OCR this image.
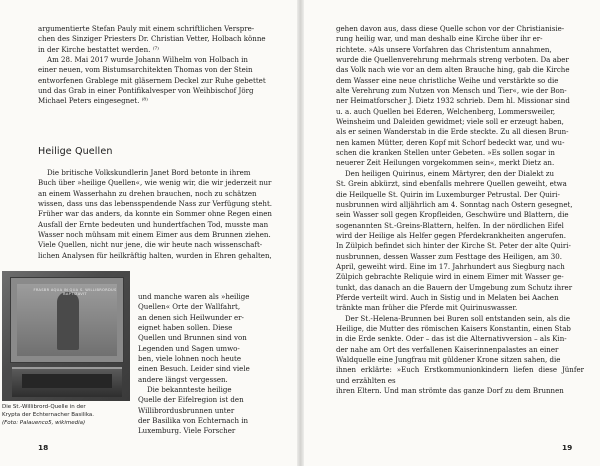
argumentierte Stefan Pauly mit einem schriftlichen Verspre-

chen des Sinziger Priesters Dr. Christian Vetter, Holbach könne

in der Kirche bestattet werden. ⁽⁷⁾

Am 28. Mai 2017 wurde Johann Wilhelm von Holbach in

einer neuen, vom Bistumsarchitekten Thomas von der Stein

entworfenen Grablege mit gläsernem Deckel zur Ruhe gebettet

und das Grab in einer Pontifikalvesper von Weihbischof Jörg

Michael Peters eingesegnet. ⁽⁸⁾

Heilige Quellen

Die britische Volkskundlerin Janet Bord betonte in ihrem

Buch über »heilige Quellen«, wie wenig wir, die wir jederzeit nur

an einem Wasserhahn zu drehen brauchen, noch zu schätzen

wissen, dass uns das lebensspendende Nass zur Verfügung steht.

Früher war das anders, da konnte ein Sommer ohne Regen einen

Ausfall der Ernte bedeuten und hundertfachen Tod, musste man

Wasser noch mühsam mit einem Eimer aus dem Brunnen ziehen.

Viele Quellen, nicht nur jene, die wir heute nach wissenschaft-

lichen Analysen für heilkräftig halten, wurden in Ehren gehalten,

FRASBR AQUA IN QUA S. WILLIBRORDUS BAPTIZAVIT	und manche waren als »heilige

Quellen« Orte der Wallfahrt,

an denen sich Heilwunder er-

eignet haben sollen. Diese

Quellen und Brunnen sind von

Legenden und Sagen umwo-

ben, viele lohnen noch heute

einen Besuch. Leider sind viele

andere längst vergessen.

Die bekannteste heilige

Quelle der Eifelregion ist den

Willibrordusbrunnen unter

der Basilika von Echternach in

Luxemburg. Viele Forscher

Die St.-Willibrord-Quelle in der
Krypta der Echternacher Basilika.
(Foto: Palauenco5, wikimedia)
18

gehen davon aus, dass diese Quelle schon vor der Christianisie-

rung heilig war, und man deshalb eine Kirche über ihr er-

richtete. »Als unsere Vorfahren das Christentum annahmen,

wurde die Quellenverehrung mehrmals streng verboten. Da aber

das Volk nach wie vor an dem alten Brauche hing, gab die Kirche

dem Wasser eine neue christliche Weihe und verstärkte so die

alte Verehrung zum Nutzen von Mensch und Tier«, wie der Bon-

ner Heimatforscher J. Dietz 1932 schrieb. Dem hl. Missionar sind

u. a. auch Quellen bei Ederen, Welchenberg, Lommersweiler,

Weinsheim und Daleiden gewidmet; viele soll er erzeugt haben,

als er seinen Wanderstab in die Erde steckte. Zu all diesen Brun-

nen kamen Mütter, deren Kopf mit Schorf bedeckt war, und wu-

schen die kranken Stellen unter Gebeten. »Es sollen sogar in

neuerer Zeit Heilungen vorgekommen sein«, merkt Dietz an.

Den heiligen Quirinus, einem Märtyrer, den der Dialekt zu

St. Grein abkürzt, sind ebenfalls mehrere Quellen geweiht, etwa

die Heilquelle St. Quirin im Luxemburger Petrustal. Der Quiri-

nusbrunnen wird alljährlich am 4. Sonntag nach Ostern gesegnet,

sein Wasser soll gegen Kropfleiden, Geschwüre und Blattern, die

sogenannten St.-Greins-Blattern, helfen. In der nördlichen Eifel

wird der Heilige als Helfer gegen Pferdekrankheiten angerufen.

In Zülpich befindet sich hinter der Kirche St. Peter der alte Quiri-

nusbrunnen, dessen Wasser zum Festtage des Heiligen, am 30.

April, geweiht wird. Eine im 17. Jahrhundert aus Siegburg nach

Zülpich gebrachte Reliquie wird in einem Eimer mit Wasser ge-

tunkt, das danach an die Bauern der Umgebung zum Schutz ihrer

Pferde verteilt wird. Auch in Sistig und in Melaten bei Aachen

tränkte man früher die Pferde mit Quirinuswasser.

Der St.-Helena-Brunnen bei Buren soll entstanden sein, als die

Heilige, die Mutter des römischen Kaisers Konstantin, einen Stab

in die Erde senkte. Oder – das ist die Alternativversion – als Kin-

der nahe am Ort des verfallenen Kaiserinnenpalastes an einer

Waldquelle eine Jungfrau mit güldener Krone sitzen sahen, die

ihnen erklärte: »Euch Erstkommunionkindern liefen diese Jünfer und erzählten es

ihren Eltern. Und man strömte das ganze Dorf zu dem Brunnen

19
